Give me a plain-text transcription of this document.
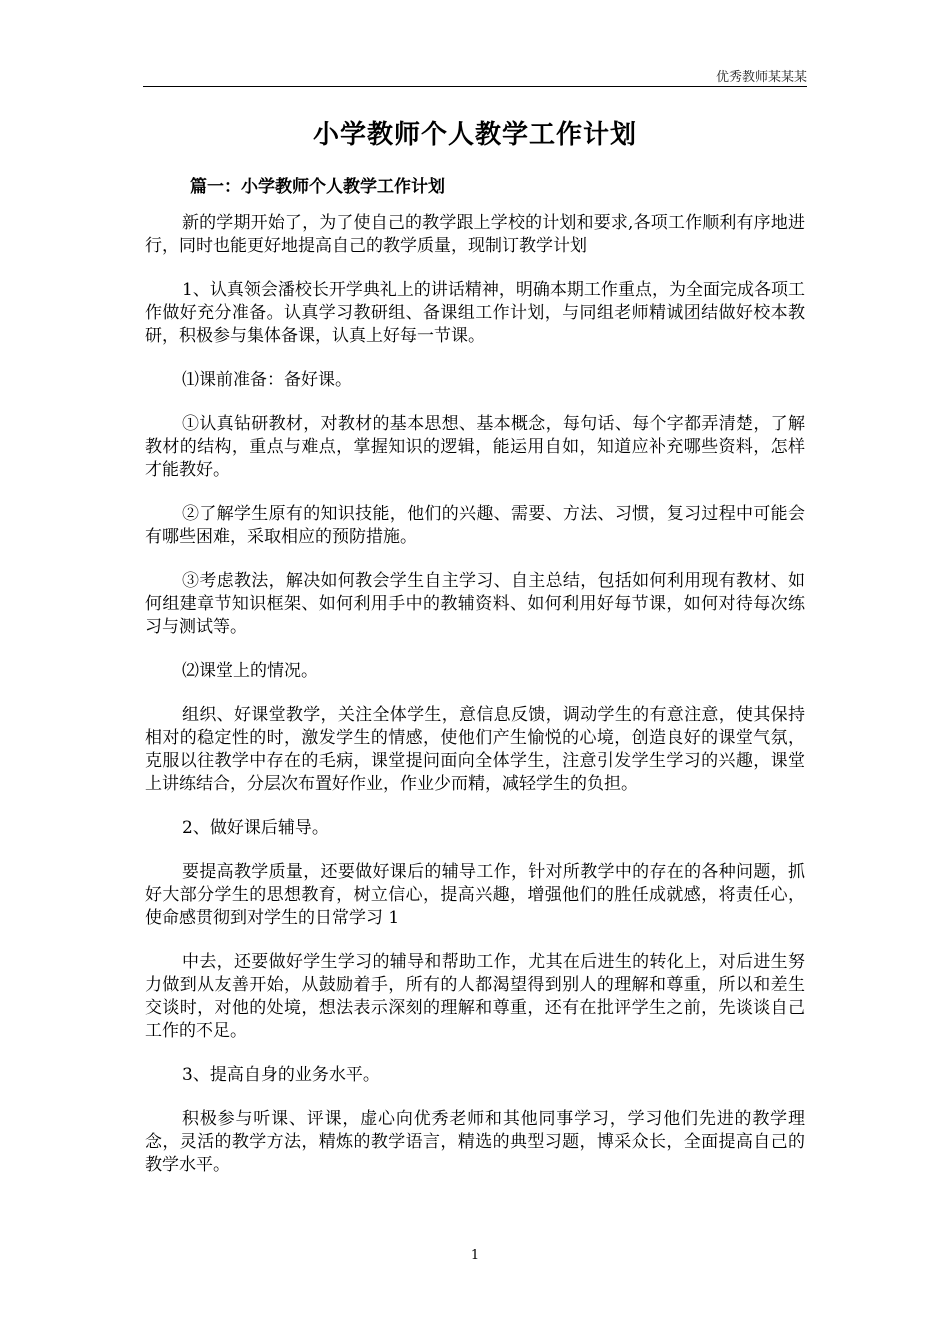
优秀教师某某某
小学教师个人教学工作计划
篇一：小学教师个人教学工作计划

新的学期开始了，为了使自己的教学跟上学校的计划和要求,各项工作顺利有序地进行，同时也能更好地提高自己的教学质量，现制订教学计划

1、认真领会潘校长开学典礼上的讲话精神，明确本期工作重点，为全面完成各项工作做好充分准备。认真学习教研组、备课组工作计划，与同组老师精诚团结做好校本教研，积极参与集体备课，认真上好每一节课。

⑴课前准备：备好课。

①认真钻研教材，对教材的基本思想、基本概念，每句话、每个字都弄清楚，了解教材的结构，重点与难点，掌握知识的逻辑，能运用自如，知道应补充哪些资料，怎样才能教好。

②了解学生原有的知识技能，他们的兴趣、需要、方法、习惯，复习过程中可能会有哪些困难，采取相应的预防措施。

③考虑教法，解决如何教会学生自主学习、自主总结，包括如何利用现有教材、如何组建章节知识框架、如何利用手中的教辅资料、如何利用好每节课，如何对待每次练习与测试等。

⑵课堂上的情况。

组织、好课堂教学，关注全体学生，意信息反馈，调动学生的有意注意，使其保持相对的稳定性的时，激发学生的情感，使他们产生愉悦的心境，创造良好的课堂气氛，克服以往教学中存在的毛病，课堂提问面向全体学生，注意引发学生学习的兴趣，课堂上讲练结合，分层次布置好作业，作业少而精，减轻学生的负担。

2、做好课后辅导。

要提高教学质量，还要做好课后的辅导工作，针对所教学中的存在的各种问题，抓好大部分学生的思想教育，树立信心，提高兴趣，增强他们的胜任成就感，将责任心，使命感贯彻到对学生的日常学习 1

中去，还要做好学生学习的辅导和帮助工作，尤其在后进生的转化上，对后进生努力做到从友善开始，从鼓励着手，所有的人都渴望得到别人的理解和尊重，所以和差生交谈时，对他的处境，想法表示深刻的理解和尊重，还有在批评学生之前，先谈谈自己工作的不足。

3、提高自身的业务水平。

积极参与听课、评课，虚心向优秀老师和其他同事学习，学习他们先进的教学理念，灵活的教学方法，精炼的教学语言，精选的典型习题，博采众长，全面提高自己的教学水平。

1
